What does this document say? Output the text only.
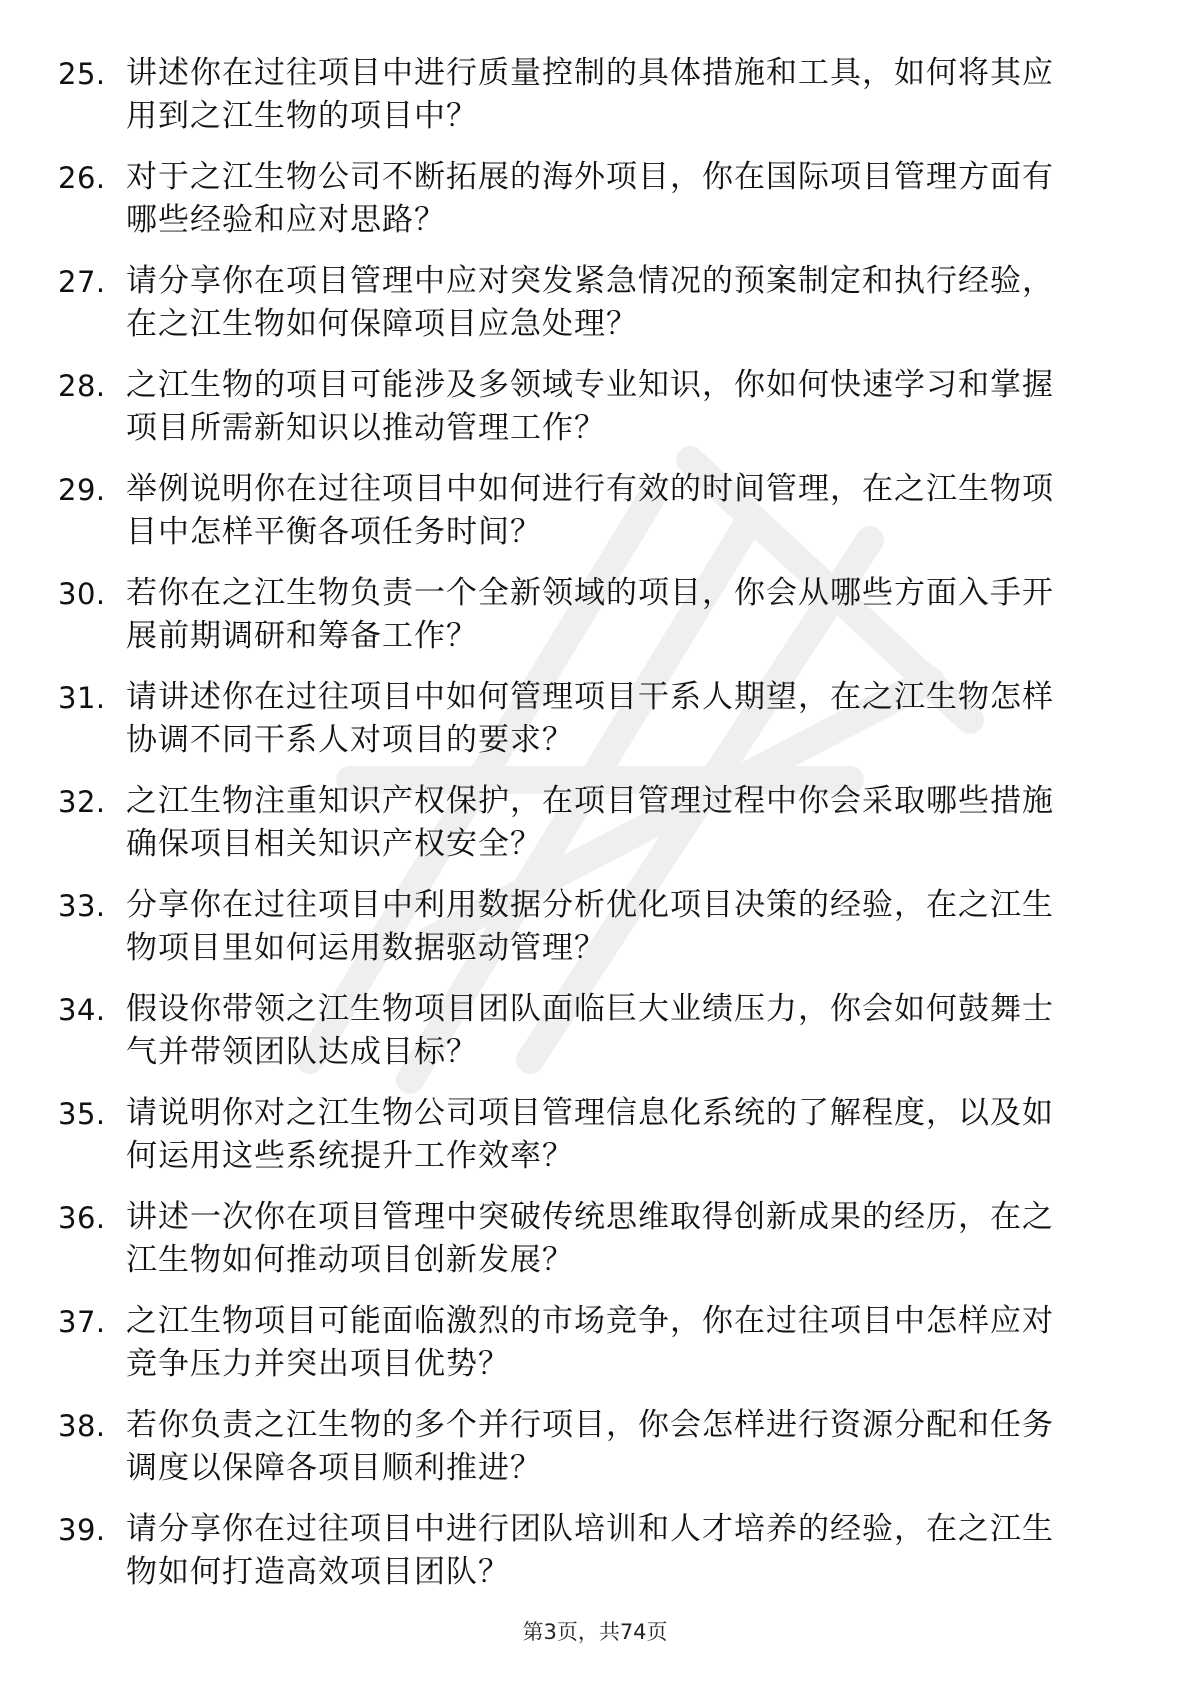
25. 讲述你在过往项目中进行质量控制的具体措施和工具，如何将其应用到之江生物的项目中？
26. 对于之江生物公司不断拓展的海外项目，你在国际项目管理方面有哪些经验和应对思路？
27. 请分享你在项目管理中应对突发紧急情况的预案制定和执行经验，在之江生物如何保障项目应急处理？
28. 之江生物的项目可能涉及多领域专业知识，你如何快速学习和掌握项目所需新知识以推动管理工作？
29. 举例说明你在过往项目中如何进行有效的时间管理，在之江生物项目中怎样平衡各项任务时间？
30. 若你在之江生物负责一个全新领域的项目，你会从哪些方面入手开展前期调研和筹备工作？
31. 请讲述你在过往项目中如何管理项目干系人期望，在之江生物怎样协调不同干系人对项目的要求？
32. 之江生物注重知识产权保护，在项目管理过程中你会采取哪些措施确保项目相关知识产权安全？
33. 分享你在过往项目中利用数据分析优化项目决策的经验，在之江生物项目里如何运用数据驱动管理？
34. 假设你带领之江生物项目团队面临巨大业绩压力，你会如何鼓舞士气并带领团队达成目标？
35. 请说明你对之江生物公司项目管理信息化系统的了解程度，以及如何运用这些系统提升工作效率？
36. 讲述一次你在项目管理中突破传统思维取得创新成果的经历，在之江生物如何推动项目创新发展？
37. 之江生物项目可能面临激烈的市场竞争，你在过往项目中怎样应对竞争压力并突出项目优势？
38. 若你负责之江生物的多个并行项目，你会怎样进行资源分配和任务调度以保障各项目顺利推进？
39. 请分享你在过往项目中进行团队培训和人才培养的经验，在之江生物如何打造高效项目团队？
第3页，共74页
